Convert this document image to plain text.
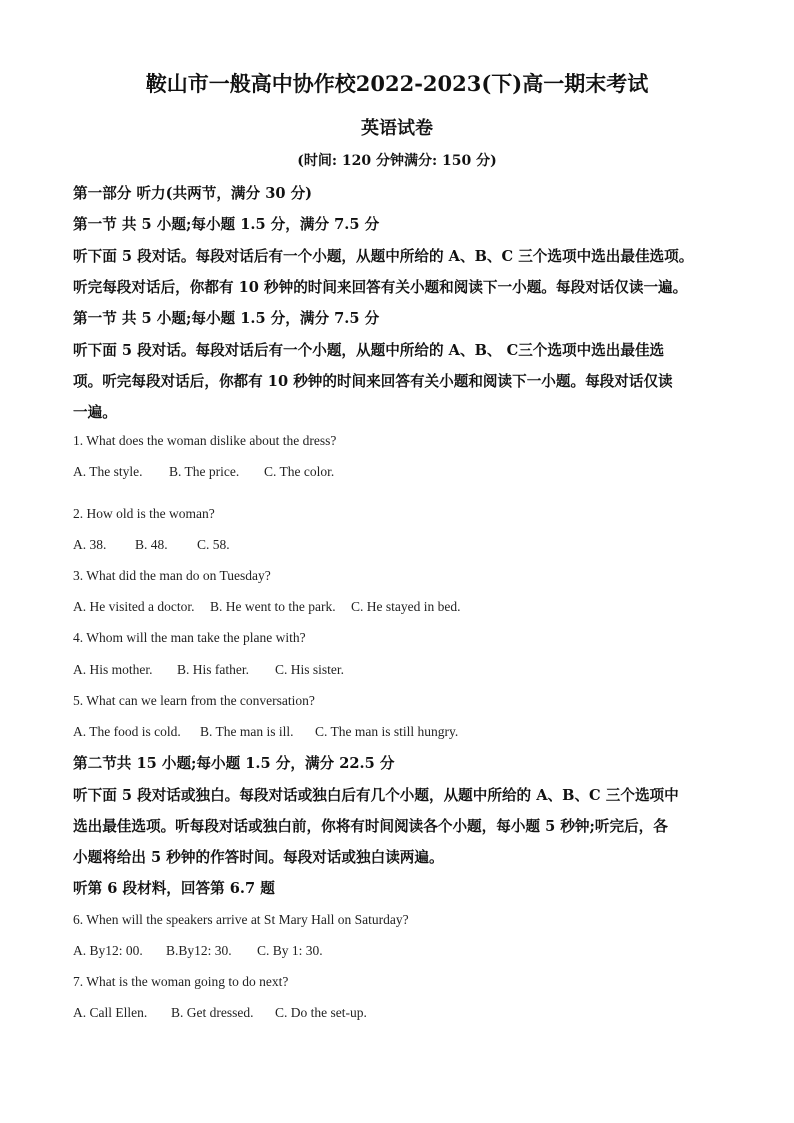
鞍山市一般高中协作校2022-2023(下)高一期末考试
英语试卷
(时间: 120 分钟满分: 150 分)
第一部分 听力(共两节，满分 30 分)
第一节 共 5 小题;每小题 1.5 分，满分 7.5 分
听下面 5 段对话。每段对话后有一个小题，从题中所给的 A、B、C 三个选项中选出最佳选项。
听完每段对话后，你都有 10 秒钟的时间来回答有关小题和阅读下一小题。每段对话仅读一遍。
第一节 共 5 小题;每小题 1.5 分，满分 7.5 分
听下面 5 段对话。每段对话后有一个小题，从题中所给的 A、B、 C三个选项中选出最佳选
项。听完每段对话后，你都有 10 秒钟的时间来回答有关小题和阅读下一小题。每段对话仅读
一遍。
1. What does the woman dislike about the dress?
A. The style. B. The price. C. The color.
2. How old is the woman?
A. 38. B. 48. C. 58.
3. What did the man do on Tuesday?
A. He visited a doctor. B. He went to the park. C. He stayed in bed.
4. Whom will the man take the plane with?
A. His mother. B. His father. C. His sister.
5. What can we learn from the conversation?
A. The food is cold. B. The man is ill. C. The man is still hungry.
第二节共 15 小题;每小题 1.5 分，满分 22.5 分
听下面 5 段对话或独白。每段对话或独白后有几个小题，从题中所给的 A、B、C 三个选项中
选出最佳选项。听每段对话或独白前，你将有时间阅读各个小题，每小题 5 秒钟;听完后，各
小题将给出 5 秒钟的作答时间。每段对话或独白读两遍。
听第 6 段材料，回答第 6.7 题
6. When will the speakers arrive at St Mary Hall on Saturday?
A. By12: 00. B.By12: 30. C. By 1: 30.
7. What is the woman going to do next?
A. Call Ellen. B. Get dressed. C. Do the set-up.
